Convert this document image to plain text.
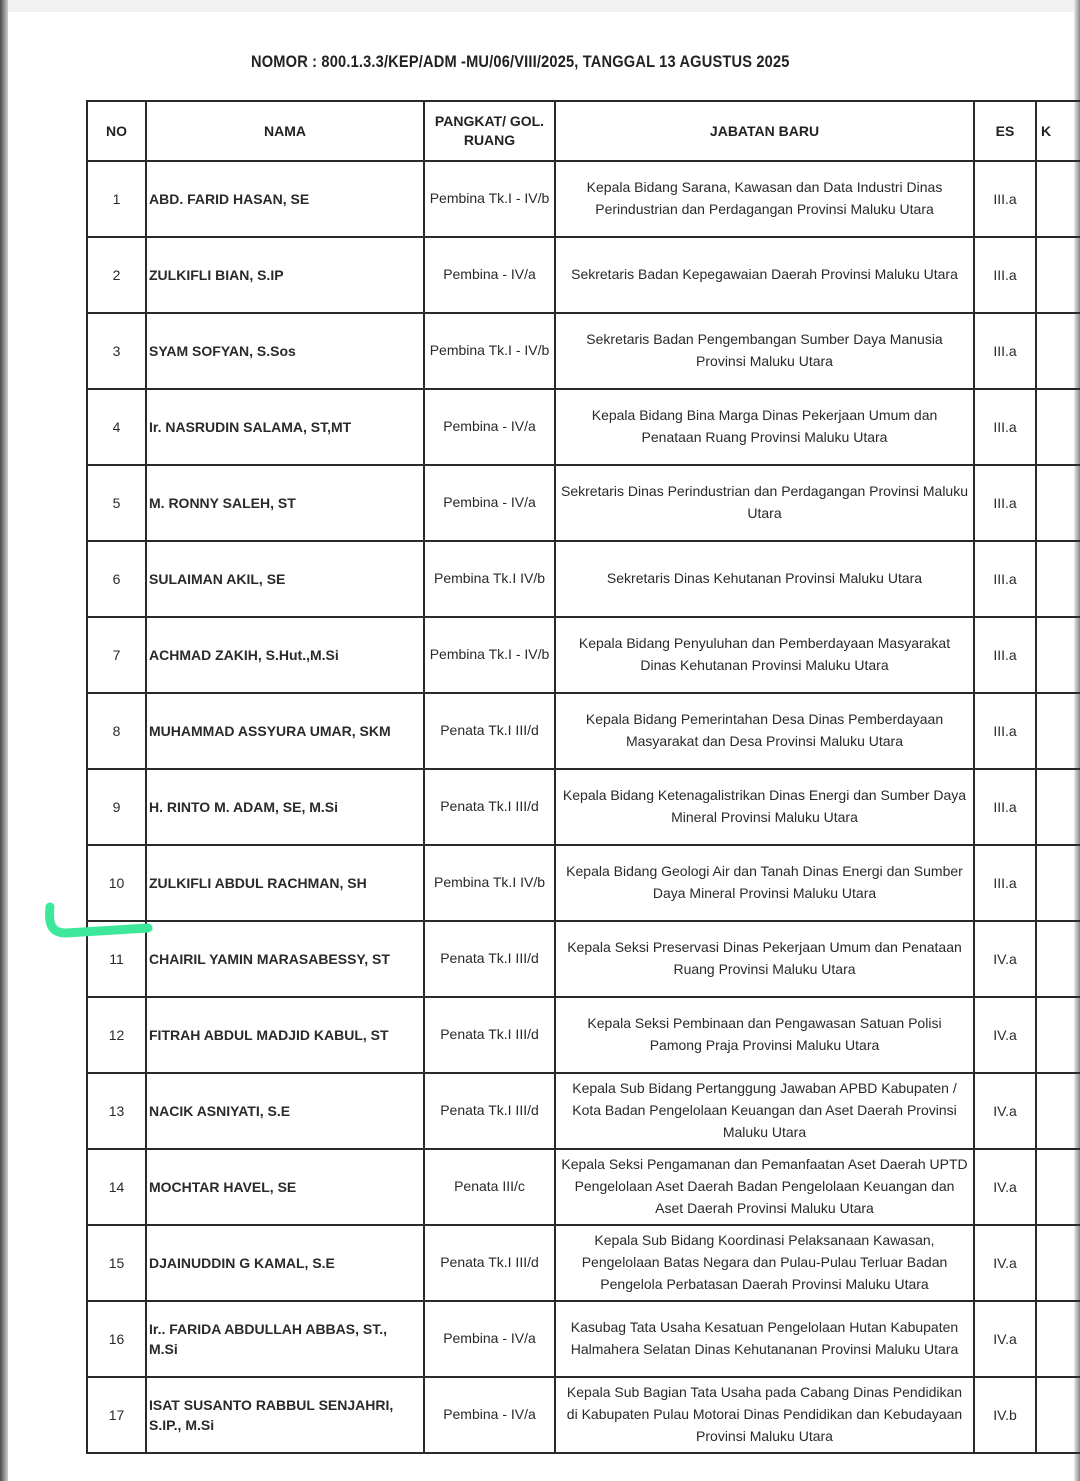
NOMOR : 800.1.3.3/KEP/ADM -MU/06/VIII/2025, TANGGAL 13 AGUSTUS 2025
NO	NAMA	PANGKAT/ GOL. RUANG	JABATAN BARU	ES	K
1	ABD. FARID HASAN, SE	Pembina Tk.I - IV/b	Kepala Bidang Sarana, Kawasan dan Data Industri Dinas Perindustrian dan Perdagangan Provinsi Maluku Utara	III.a	
2	ZULKIFLI BIAN, S.IP	Pembina - IV/a	Sekretaris Badan Kepegawaian Daerah Provinsi Maluku Utara	III.a	
3	SYAM SOFYAN, S.Sos	Pembina Tk.I - IV/b	Sekretaris Badan Pengembangan Sumber Daya Manusia Provinsi Maluku Utara	III.a	
4	Ir. NASRUDIN SALAMA, ST,MT	Pembina - IV/a	Kepala Bidang Bina Marga Dinas Pekerjaan Umum dan Penataan Ruang Provinsi Maluku Utara	III.a	
5	M. RONNY SALEH, ST	Pembina - IV/a	Sekretaris Dinas Perindustrian dan Perdagangan Provinsi Maluku Utara	III.a	
6	SULAIMAN AKIL, SE	Pembina Tk.I IV/b	Sekretaris Dinas Kehutanan Provinsi Maluku Utara	III.a	
7	ACHMAD ZAKIH, S.Hut.,M.Si	Pembina Tk.I - IV/b	Kepala Bidang Penyuluhan dan Pemberdayaan Masyarakat Dinas Kehutanan Provinsi Maluku Utara	III.a	
8	MUHAMMAD ASSYURA UMAR, SKM	Penata Tk.I III/d	Kepala Bidang Pemerintahan Desa Dinas Pemberdayaan Masyarakat dan Desa Provinsi Maluku Utara	III.a	
9	H. RINTO M. ADAM, SE, M.Si	Penata Tk.I III/d	Kepala Bidang Ketenagalistrikan Dinas Energi dan Sumber Daya Mineral Provinsi Maluku Utara	III.a	
10	ZULKIFLI ABDUL RACHMAN, SH	Pembina Tk.I IV/b	Kepala Bidang Geologi Air dan Tanah Dinas Energi dan Sumber Daya Mineral Provinsi Maluku Utara	III.a	
11	CHAIRIL YAMIN MARASABESSY, ST	Penata Tk.I III/d	Kepala Seksi Preservasi Dinas Pekerjaan Umum dan Penataan Ruang Provinsi Maluku Utara	IV.a	
12	FITRAH ABDUL MADJID KABUL, ST	Penata Tk.I III/d	Kepala Seksi Pembinaan dan Pengawasan Satuan Polisi Pamong Praja Provinsi Maluku Utara	IV.a	
13	NACIK ASNIYATI, S.E	Penata Tk.I III/d	Kepala Sub Bidang Pertanggung Jawaban APBD Kabupaten / Kota Badan Pengelolaan Keuangan dan Aset Daerah Provinsi Maluku Utara	IV.a	
14	MOCHTAR HAVEL, SE	Penata III/c	Kepala Seksi Pengamanan dan Pemanfaatan Aset Daerah UPTD Pengelolaan Aset Daerah Badan Pengelolaan Keuangan dan Aset Daerah Provinsi Maluku Utara	IV.a	
15	DJAINUDDIN G KAMAL, S.E	Penata Tk.I III/d	Kepala Sub Bidang Koordinasi Pelaksanaan Kawasan, Pengelolaan Batas Negara dan Pulau-Pulau Terluar Badan Pengelola Perbatasan Daerah Provinsi Maluku Utara	IV.a	
16	Ir.. FARIDA ABDULLAH ABBAS, ST., M.Si	Pembina - IV/a	Kasubag Tata Usaha Kesatuan Pengelolaan Hutan Kabupaten Halmahera Selatan Dinas Kehutananan Provinsi Maluku Utara	IV.a	
17	ISAT SUSANTO RABBUL SENJAHRI, S.IP., M.Si	Pembina - IV/a	Kepala Sub Bagian Tata Usaha pada Cabang Dinas Pendidikan di Kabupaten Pulau Motorai Dinas Pendidikan dan Kebudayaan Provinsi Maluku Utara	IV.b	
